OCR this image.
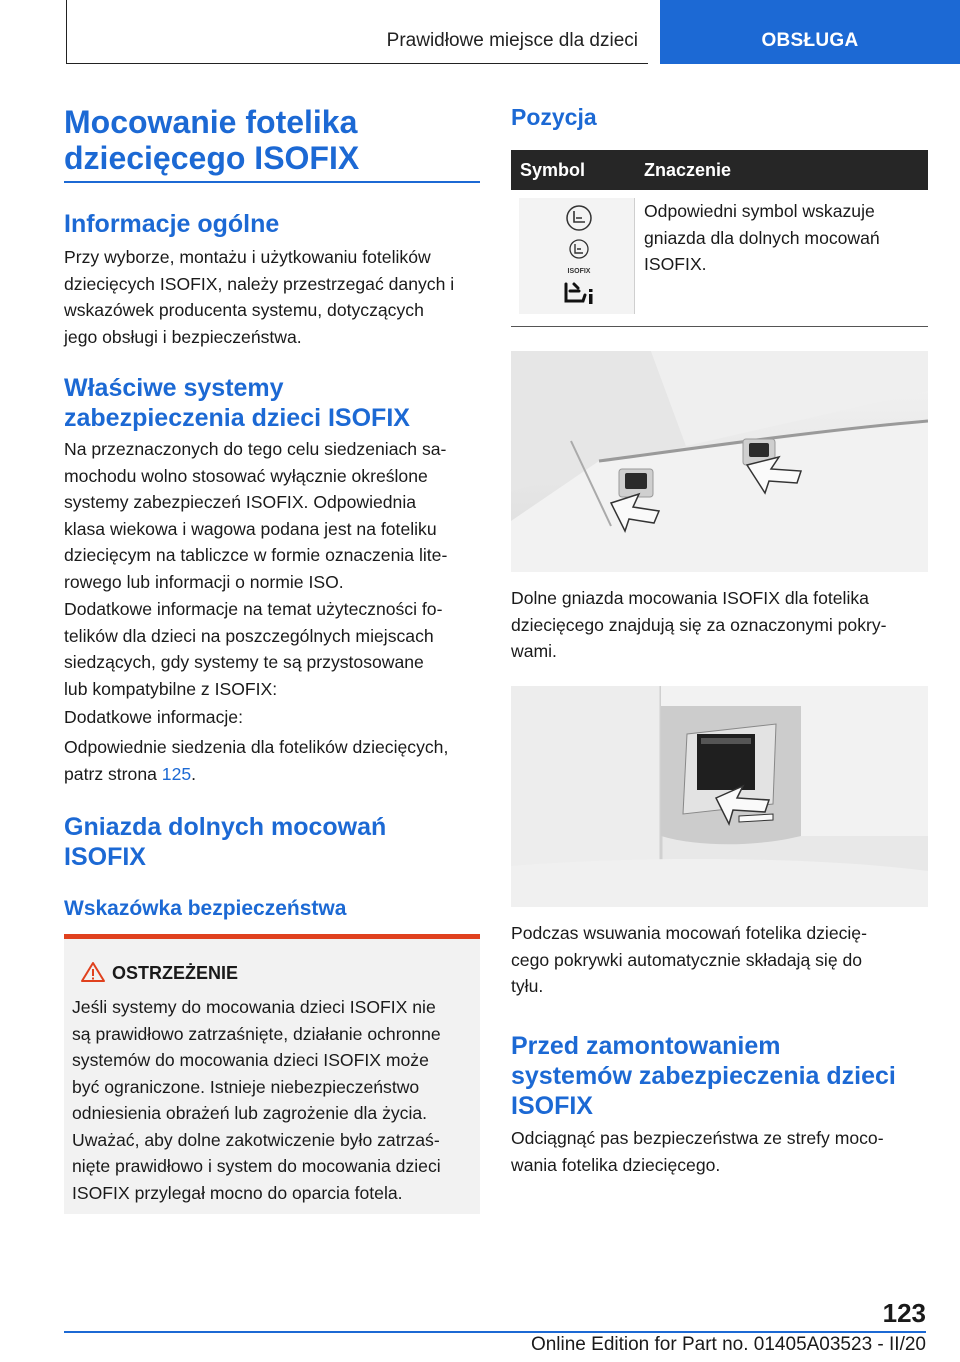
Prawidłowe miejsce dla dzieci	OBSŁUGA
Mocowanie fotelika
dziecięcego ISOFIX
Informacje ogólne
Przy wyborze, montażu i użytkowaniu fotelików
dziecięcych ISOFIX, należy przestrzegać danych i
wskazówek producenta systemu, dotyczących
jego obsługi i bezpieczeństwa.
Właściwe systemy
zabezpieczenia dzieci ISOFIX
Na przeznaczonych do tego celu siedzeniach sa-
mochodu wolno stosować wyłącznie określone
systemy zabezpieczeń ISOFIX. Odpowiednia
klasa wiekowa i wagowa podana jest na foteliku
dziecięcym na tabliczce w formie oznaczenia lite-
rowego lub informacji o normie ISO.
Dodatkowe informacje na temat użyteczności fo-
telików dla dzieci na poszczególnych miejscach
siedzących, gdy systemy te są przystosowane
lub kompatybilne z ISOFIX:
Dodatkowe informacje:
Odpowiednie siedzenia dla fotelików dziecięcych,
patrz strona 125.
Gniazda dolnych mocowań
ISOFIX
Wskazówka bezpieczeństwa
OSTRZEŻENIE
Jeśli systemy do mocowania dzieci ISOFIX nie
są prawidłowo zatrzaśnięte, działanie ochronne
systemów do mocowania dzieci ISOFIX może
być ograniczone. Istnieje niebezpieczeństwo
odniesienia obrażeń lub zagrożenie dla życia.
Uważać, aby dolne zakotwiczenie było zatrzaś-
nięte prawidłowo i system do mocowania dzieci
ISOFIX przylegał mocno do oparcia fotela.
Pozycja
Symbol	Znaczenie
ISOFIX
Odpowiedni symbol wskazuje
gniazda dla dolnych mocowań
ISOFIX.
Dolne gniazda mocowania ISOFIX dla fotelika
dziecięcego znajdują się za oznaczonymi pokry-
wami.
Podczas wsuwania mocowań fotelika dziecię-
cego pokrywki automatycznie składają się do
tyłu.
Przed zamontowaniem
systemów zabezpieczenia dzieci
ISOFIX
Odciągnąć pas bezpieczeństwa ze strefy moco-
wania fotelika dziecięcego.
123
Online Edition for Part no. 01405A03523 - II/20
